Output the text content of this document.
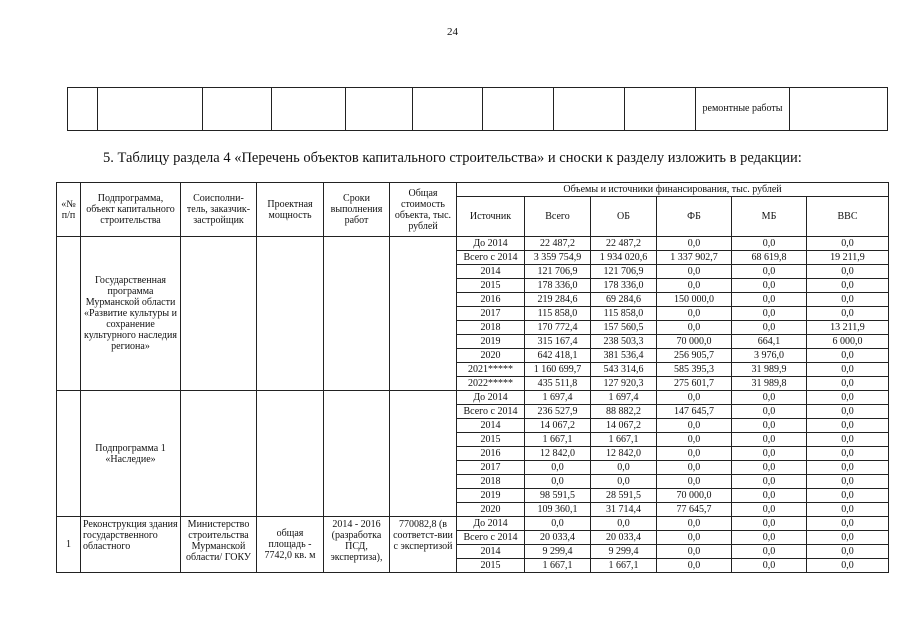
24
									ремонтные работы	
5. Таблицу раздела 4 «Перечень объектов капитального строительства» и сноски к разделу изложить в редакции:
«№ п/п	Подпрограмма, объект капитального строительства	Соисполни-тель, заказчик-застройщик	Проектная мощность	Сроки выполнения работ	Общая стоимость объекта, тыс. рублей	Объемы и источники финансирования, тыс. рублей					
						Источник	Всего	ОБ	ФБ	МБ	ВВС
	Государственная программа Мурманской области «Развитие культуры и сохранение культурного наследия региона»					До 2014	22 487,2	22 487,2	0,0	0,0	0,0
						Всего с 2014	3 359 754,9	1 934 020,6	1 337 902,7	68 619,8	19 211,9
						2014	121 706,9	121 706,9	0,0	0,0	0,0
						2015	178 336,0	178 336,0	0,0	0,0	0,0
						2016	219 284,6	69 284,6	150 000,0	0,0	0,0
						2017	115 858,0	115 858,0	0,0	0,0	0,0
						2018	170 772,4	157 560,5	0,0	0,0	13 211,9
						2019	315 167,4	238 503,3	70 000,0	664,1	6 000,0
						2020	642 418,1	381 536,4	256 905,7	3 976,0	0,0
						2021*****	1 160 699,7	543 314,6	585 395,3	31 989,9	0,0
						2022*****	435 511,8	127 920,3	275 601,7	31 989,8	0,0
	Подпрограмма 1 «Наследие»					До 2014	1 697,4	1 697,4	0,0	0,0	0,0
						Всего с 2014	236 527,9	88 882,2	147 645,7	0,0	0,0
						2014	14 067,2	14 067,2	0,0	0,0	0,0
						2015	1 667,1	1 667,1	0,0	0,0	0,0
						2016	12 842,0	12 842,0	0,0	0,0	0,0
						2017	0,0	0,0	0,0	0,0	0,0
						2018	0,0	0,0	0,0	0,0	0,0
						2019	98 591,5	28 591,5	70 000,0	0,0	0,0
						2020	109 360,1	31 714,4	77 645,7	0,0	0,0
1	Реконструкция здания государственного областного	Министерство строительства Мурманской области/ ГОКУ	общая площадь - 7742,0 кв. м	2014 - 2016 (разработка ПСД, экспертиза),	770082,8 (в соответст-вии с экспертизой	До 2014	0,0	0,0	0,0	0,0	0,0
						Всего с 2014	20 033,4	20 033,4	0,0	0,0	0,0
						2014	9 299,4	9 299,4	0,0	0,0	0,0
						2015	1 667,1	1 667,1	0,0	0,0	0,0
